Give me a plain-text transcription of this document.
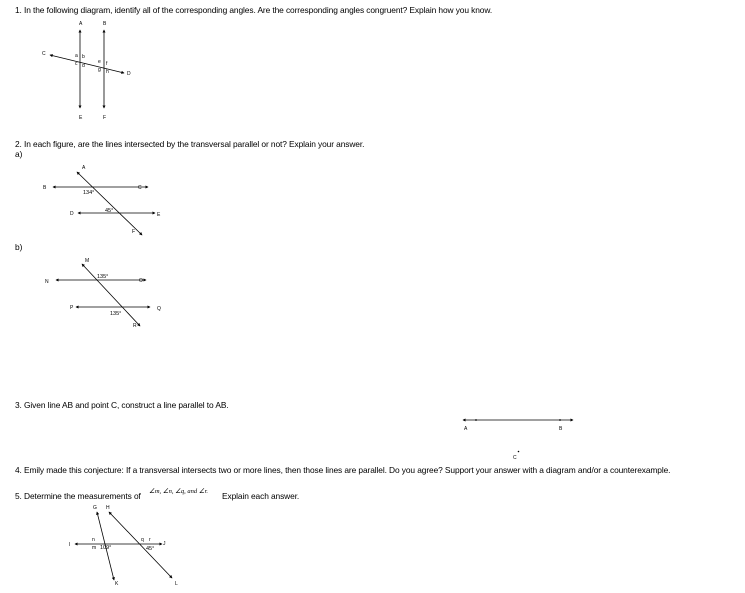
1. In the following diagram, identify all of the corresponding angles. Are the corresponding angles congruent? Explain how you know.
A	B
C
D
E	F
a b
c d
e f
g h
2. In each figure, are the lines intersected by the transversal parallel or not? Explain your answer.
a)
A
B	C
D	E
F
134°
45°
b)
M
N	O
P	Q
R
135°
135°
3. Given line AB and point C, construct a line parallel to AB.
A	B
C
4. Emily made this conjecture: If a transversal intersects two or more lines, then those lines are parallel. Do you agree? Support your answer with a diagram and/or a counterexample.
5. Determine the measurements of ∠m, ∠n, ∠q, and ∠r. Explain each answer.
G H
I	J
K	L
n
m
q r
109°	45°
